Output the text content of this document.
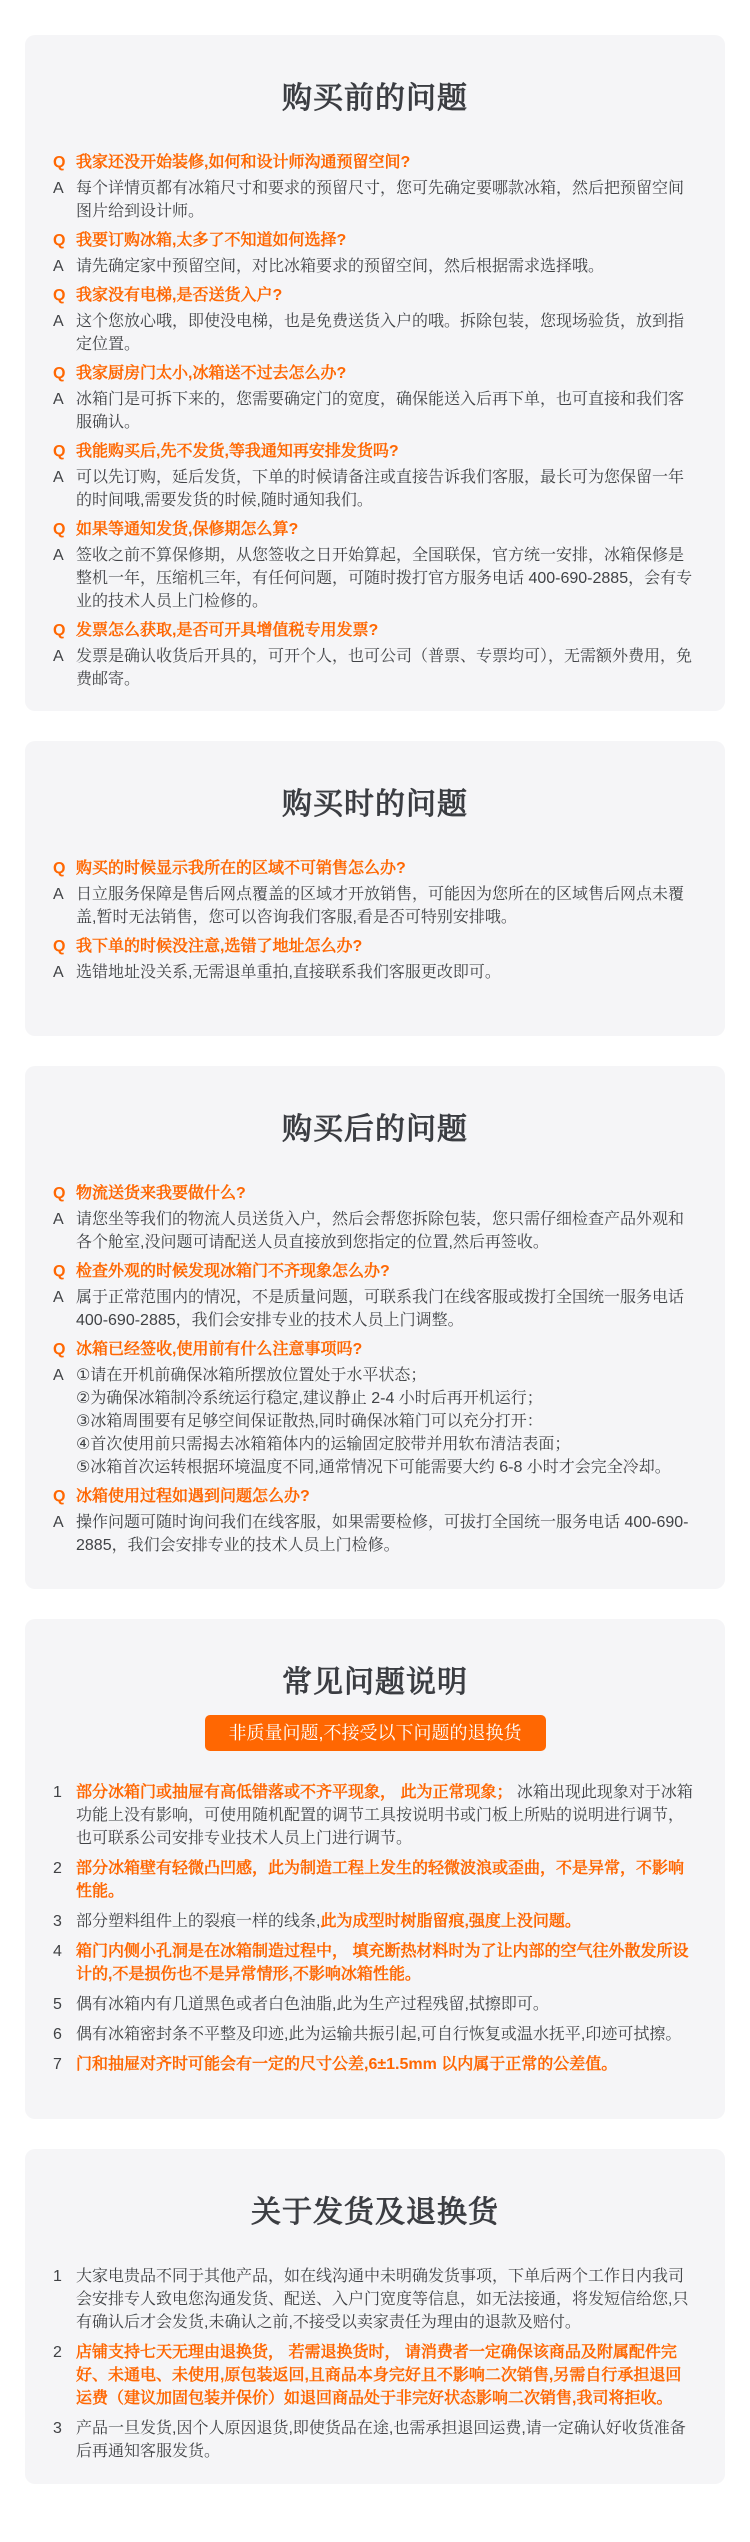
购买前的问题
Q 我家还没开始装修,如何和设计师沟通预留空间?
A 每个详情页都有冰箱尺寸和要求的预留尺寸，您可先确定要哪款冰箱，然后把预留空间图片给到设计师。
Q 我要订购冰箱,太多了不知道如何选择?
A 请先确定家中预留空间，对比冰箱要求的预留空间，然后根据需求选择哦。
Q 我家没有电梯,是否送货入户?
A 这个您放心哦，即使没电梯，也是免费送货入户的哦。拆除包装，您现场验货，放到指定位置。
Q 我家厨房门太小,冰箱送不过去怎么办?
A 冰箱门是可拆下来的，您需要确定门的宽度，确保能送入后再下单，也可直接和我们客服确认。
Q 我能购买后,先不发货,等我通知再安排发货吗?
A 可以先订购，延后发货，下单的时候请备注或直接告诉我们客服，最长可为您保留一年的时间哦,需要发货的时候,随时通知我们。
Q 如果等通知发货,保修期怎么算?
A 签收之前不算保修期，从您签收之日开始算起，全国联保，官方统一安排，冰箱保修是整机一年，压缩机三年，有任何问题，可随时拨打官方服务电话 400-690-2885，会有专业的技术人员上门检修的。
Q 发票怎么获取,是否可开具增值税专用发票?
A 发票是确认收货后开具的，可开个人，也可公司（普票、专票均可），无需额外费用，免费邮寄。
购买时的问题
Q 购买的时候显示我所在的区域不可销售怎么办?
A 日立服务保障是售后网点覆盖的区域才开放销售，可能因为您所在的区域售后网点未覆盖,暂时无法销售，您可以咨询我们客服,看是否可特别安排哦。
Q 我下单的时候没注意,选错了地址怎么办?
A 选错地址没关系,无需退单重拍,直接联系我们客服更改即可。
购买后的问题
Q 物流送货来我要做什么?
A 请您坐等我们的物流人员送货入户，然后会帮您拆除包装，您只需仔细检查产品外观和各个舱室,没问题可请配送人员直接放到您指定的位置,然后再签收。
Q 检查外观的时候发现冰箱门不齐现象怎么办?
A 属于正常范围内的情况，不是质量问题，可联系我门在线客服或拨打全国统一服务电话 400-690-2885，我们会安排专业的技术人员上门调整。
Q 冰箱已经签收,使用前有什么注意事项吗?
A ①请在开机前确保冰箱所摆放位置处于水平状态；
②为确保冰箱制冷系统运行稳定,建议静止 2-4 小时后再开机运行；
③冰箱周围要有足够空间保证散热,同时确保冰箱门可以充分打开：
④首次使用前只需揭去冰箱箱体内的运输固定胶带并用软布清洁表面；
⑤冰箱首次运转根据环境温度不同,通常情况下可能需要大约 6-8 小时才会完全冷却。
Q 冰箱使用过程如遇到问题怎么办?
A 操作问题可随时询问我们在线客服，如果需要检修，可拔打全国统一服务电话 400-690-2885，我们会安排专业的技术人员上门检修。
常见问题说明
非质量问题,不接受以下问题的退换货
1 部分冰箱门或抽屉有高低错落或不齐平现象， 此为正常现象； 冰箱出现此现象对于冰箱功能上没有影响，可使用随机配置的调节工具按说明书或门板上所贴的说明进行调节，也可联系公司安排专业技术人员上门进行调节。
2 部分冰箱壁有轻微凸凹感，此为制造工程上发生的轻微波浪或歪曲，不是异常，不影响性能。
3 部分塑料组件上的裂痕一样的线条,此为成型时树脂留痕,强度上没问题。
4 箱门内侧小孔洞是在冰箱制造过程中， 填充断热材料时为了让内部的空气往外散发所设计的,不是损伤也不是异常情形,不影响冰箱性能。
5 偶有冰箱内有几道黑色或者白色油脂,此为生产过程残留,拭擦即可。
6 偶有冰箱密封条不平整及印迹,此为运输共振引起,可自行恢复或温水抚平,印迹可拭擦。
7 门和抽屉对齐时可能会有一定的尺寸公差,6±1.5mm 以内属于正常的公差值。
关于发货及退换货
1 大家电贵品不同于其他产品，如在线沟通中未明确发货事项，下单后两个工作日内我司会安排专人致电您沟通发货、配送、入户门宽度等信息，如无法接通，将发短信给您,只有确认后才会发货,未确认之前,不接受以卖家责任为理由的退款及赔付。
2 店铺支持七天无理由退换货， 若需退换货时， 请消费者一定确保该商品及附属配件完好、未通电、未使用,原包装返回,且商品本身完好且不影响二次销售,另需自行承担退回运费（建议加固包装并保价）如退回商品处于非完好状态影响二次销售,我司将拒收。
3 产品一旦发货,因个人原因退货,即使货品在途,也需承担退回运费,请一定确认好收货准备后再通知客服发货。
